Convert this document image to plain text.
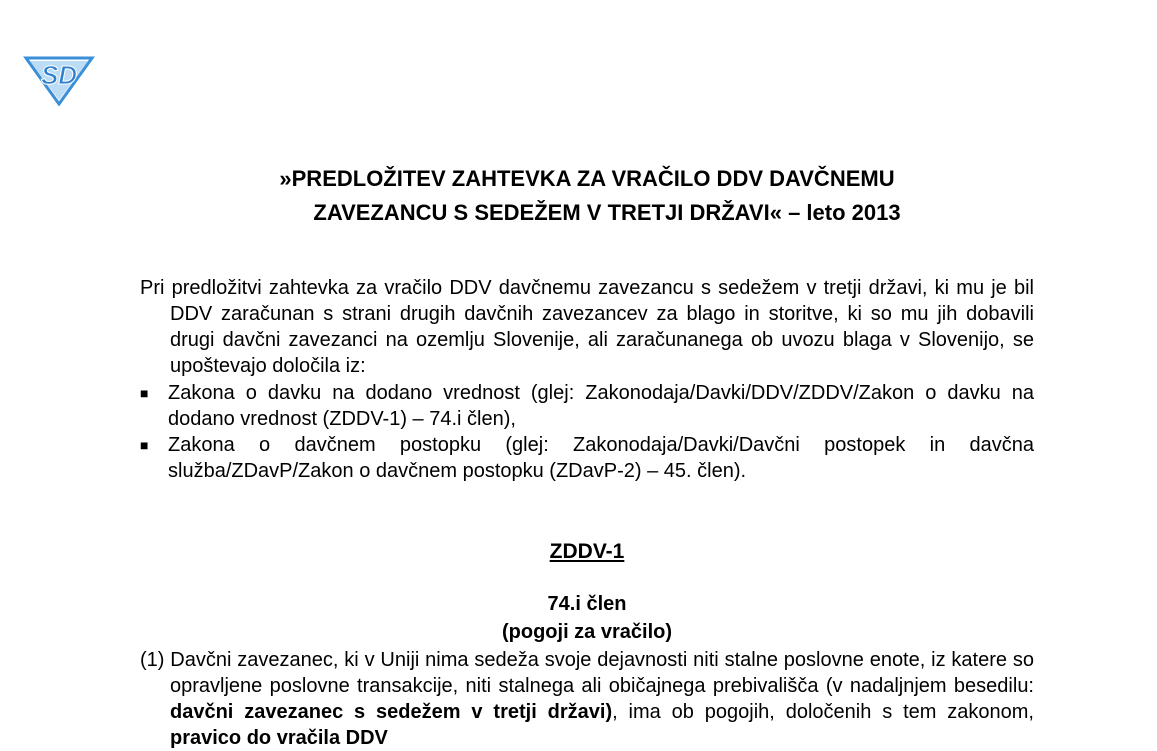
SD
»PREDLOŽITEV ZAHTEVKA ZA VRAČILO DDV DAVČNEMU
ZAVEZANCU S SEDEŽEM V TRETJI DRŽAVI« – leto 2013

Pri predložitvi zahtevka za vračilo DDV davčnemu zavezancu s sedežem v tretji državi, ki mu je bil DDV zaračunan s strani drugih davčnih zavezancev za blago in storitve, ki so mu jih dobavili drugi davčni zavezanci na ozemlju Slovenije, ali zaračunanega ob uvozu blaga v Slovenijo, se upoštevajo določila iz:

■ Zakona o davku na dodano vrednost (glej: Zakonodaja/Davki/DDV/ZDDV/Zakon o davku na dodano vrednost (ZDDV-1) – 74.i člen),
■ Zakona o davčnem postopku (glej: Zakonodaja/Davki/Davčni postopek in davčna služba/ZDavP/Zakon o davčnem postopku (ZDavP-2) – 45. člen).
ZDDV-1
74.i člen
(pogoji za vračilo)

(1) Davčni zavezanec, ki v Uniji nima sedeža svoje dejavnosti niti stalne poslovne enote, iz katere so opravljene poslovne transakcije, niti stalnega ali običajnega prebivališča (v nadaljnjem besedilu: davčni zavezanec s sedežem v tretji državi), ima ob pogojih, določenih s tem zakonom, pravico do vračila DDV
